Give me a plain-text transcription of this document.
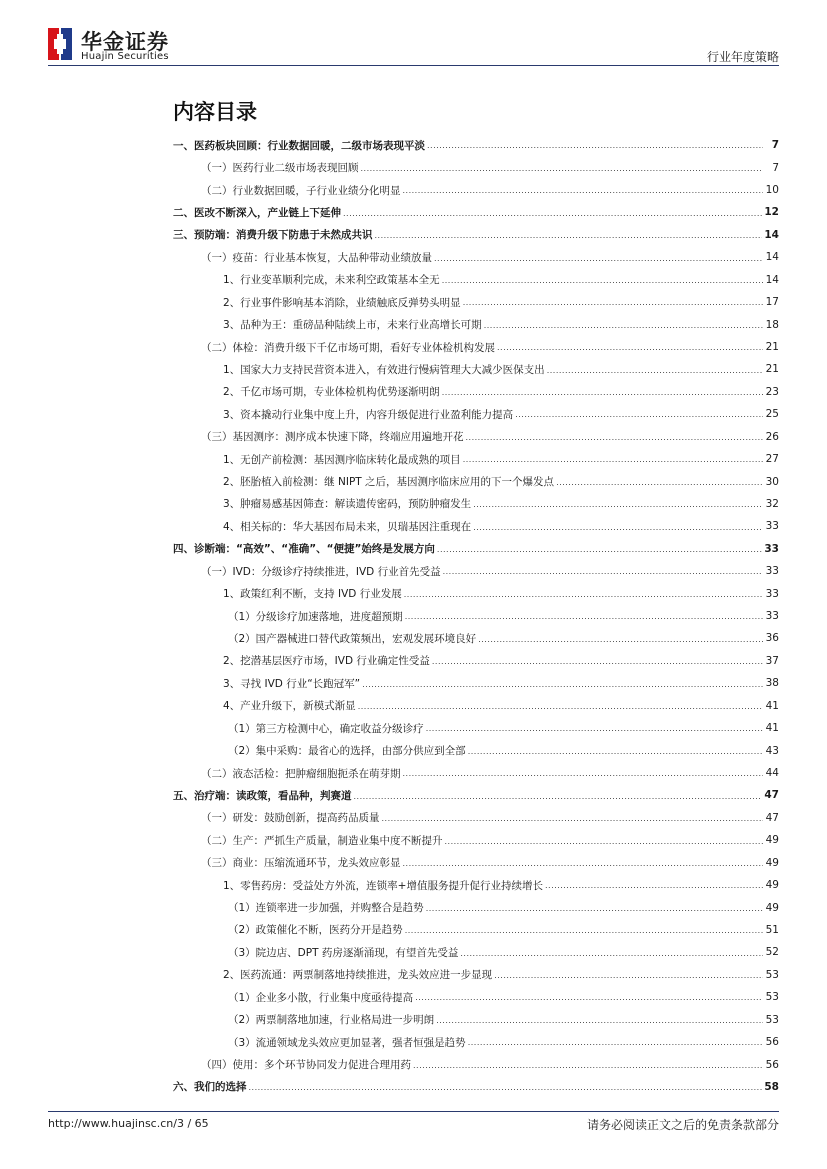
华金证券
Huajin Securities	行业年度策略
内容目录
一、医药板块回顾：行业数据回暖，二级市场表现平淡 .....	7
（一）医药行业二级市场表现回顾 .....	7
（二）行业数据回暖，子行业业绩分化明显 .....	10
二、医改不断深入，产业链上下延伸 .....	12
三、预防端：消费升级下防患于未然成共识 .....	14
（一）疫苗：行业基本恢复，大品种带动业绩放量 .....	14
1、行业变革顺利完成，未来利空政策基本全无 .....	14
2、行业事件影响基本消除，业绩触底反弹势头明显 .....	17
3、品种为王：重磅品种陆续上市，未来行业高增长可期 .....	18
（二）体检：消费升级下千亿市场可期，看好专业体检机构发展 .....	21
1、国家大力支持民营资本进入，有效进行慢病管理大大减少医保支出 .....	21
2、千亿市场可期，专业体检机构优势逐渐明朗 .....	23
3、资本撬动行业集中度上升，内容升级促进行业盈利能力提高 .....	25
（三）基因测序：测序成本快速下降，终端应用遍地开花 .....	26
1、无创产前检测：基因测序临床转化最成熟的项目 .....	27
2、胚胎植入前检测：继 NIPT 之后，基因测序临床应用的下一个爆发点 .....	30
3、肿瘤易感基因筛查：解读遗传密码，预防肿瘤发生 .....	32
4、相关标的：华大基因布局未来，贝瑞基因注重现在 .....	33
四、诊断端：“高效”、“准确”、“便捷”始终是发展方向 .....	33
（一）IVD：分级诊疗持续推进，IVD 行业首先受益 .....	33
1、政策红利不断，支持 IVD 行业发展 .....	33
（1）分级诊疗加速落地，进度超预期 .....	33
（2）国产器械进口替代政策频出，宏观发展环境良好 .....	36
2、挖潜基层医疗市场，IVD 行业确定性受益 .....	37
3、寻找 IVD 行业“长跑冠军” .....	38
4、产业升级下，新模式渐显 .....	41
（1）第三方检测中心，确定收益分级诊疗 .....	41
（2）集中采购：最省心的选择，由部分供应到全部 .....	43
（二）液态活检：把肿瘤细胞扼杀在萌芽期 .....	44
五、治疗端：读政策，看品种，判赛道 .....	47
（一）研发：鼓励创新，提高药品质量 .....	47
（二）生产：严抓生产质量，制造业集中度不断提升 .....	49
（三）商业：压缩流通环节，龙头效应彰显 .....	49
1、零售药房：受益处方外流，连锁率+增值服务提升促行业持续增长 .....	49
（1）连锁率进一步加强，并购整合是趋势 .....	49
（2）政策催化不断，医药分开是趋势 .....	51
（3）院边店、DPT 药房逐渐涌现，有望首先受益 .....	52
2、医药流通：两票制落地持续推进，龙头效应进一步显现 .....	53
（1）企业多小散，行业集中度亟待提高 .....	53
（2）两票制落地加速，行业格局进一步明朗 .....	53
（3）流通领域龙头效应更加显著，强者恒强是趋势 .....	56
（四）使用：多个环节协同发力促进合理用药 .....	56
六、我们的选择 .....	58
http://www.huajinsc.cn/3 / 65	请务必阅读正文之后的免责条款部分
